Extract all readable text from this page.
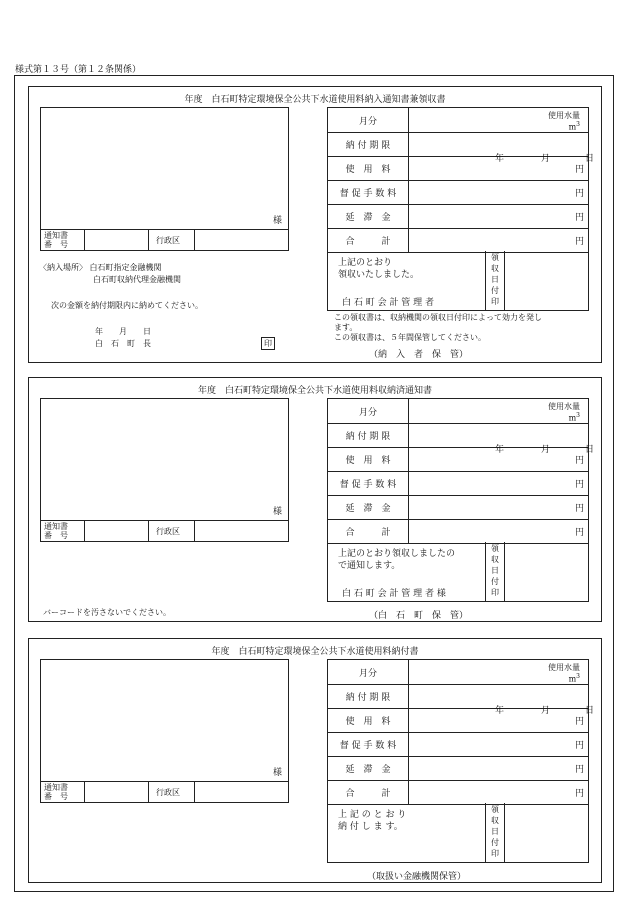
様式第１３号（第１２条関係）
年度　白石町特定環境保全公共下水道使用料納入通知書兼領収書
様
通知書
番　号	行政区
月分	使用水量
$m^3$

納 付 期 限	年 月 日

使　用　料	円

督 促 手 数 料	円

延　滞　金	円

合　　　計	円
上記のとおり
領収いたしました。
白 石 町 会 計 管 理 者
領
収
日
付
印
〈納入場所〉 白石町指定金融機関
白石町収納代理金融機関
次の金額を納付期限内に納めてください。
年　　月　　日
白　石　町　長	印
この領収書は、収納機関の領収日付印によって効力を発し
ます。
この領収書は、５年間保管してください。
（納　入　者　保　管）
年度　白石町特定環境保全公共下水道使用料収納済通知書
様
通知書
番　号	行政区
月分	使用水量
$m^3$

納 付 期 限	年 月 日

使　用　料	円

督 促 手 数 料	円

延　滞　金	円

合　　　計	円
上記のとおり領収しましたの
で通知します。
白 石 町 会 計 管 理 者 様
領
収
日
付
印
バーコードを汚さないでください。	（白　石　町　保　管）
年度　白石町特定環境保全公共下水道使用料納付書
様
通知書
番　号	行政区
月分	使用水量
$m^3$

納 付 期 限	年 月 日

使　用　料	円

督 促 手 数 料	円

延　滞　金	円

合　　　計	円
上 記 の と お り
納 付 し ま す。
領
収
日
付
印
（取扱い金融機関保管）
